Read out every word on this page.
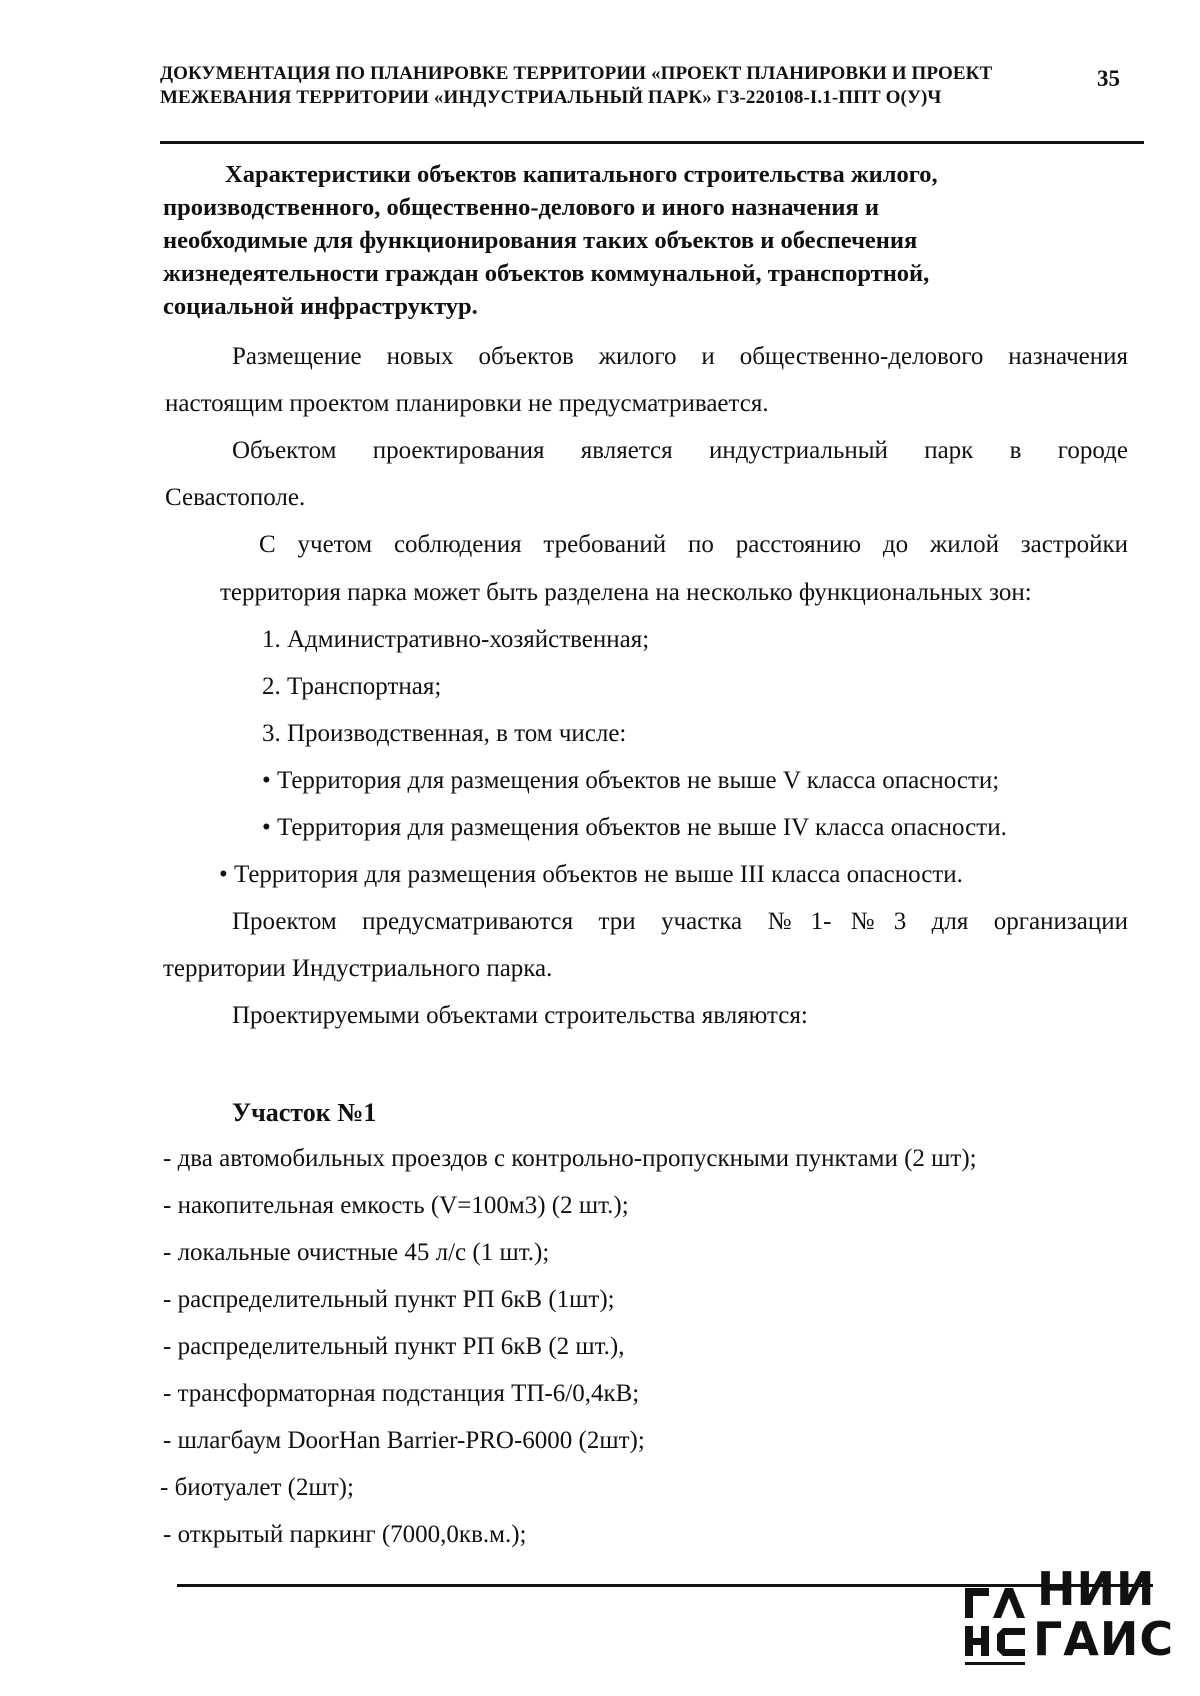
ДОКУМЕНТАЦИЯ ПО ПЛАНИРОВКЕ ТЕРРИТОРИИ «ПРОЕКТ ПЛАНИРОВКИ И ПРОЕКТ
МЕЖЕВАНИЯ ТЕРРИТОРИИ «ИНДУСТРИАЛЬНЫЙ ПАРК» ГЗ-220108-I.1-ППТ О(У)Ч
35
Характеристики объектов капитального строительства жилого,
производственного, общественно-делового и иного назначения и
необходимые для функционирования таких объектов и обеспечения
жизнедеятельности граждан объектов коммунальной, транспортной,
социальной инфраструктур.
Размещение новых объектов жилого и общественно-делового назначения
настоящим проектом планировки не предусматривается.
Объектом проектирования является индустриальный парк в городе
Севастополе.
С учетом соблюдения требований по расстоянию до жилой застройки
территория парка может быть разделена на несколько функциональных зон:
1. Административно-хозяйственная;
2. Транспортная;
3. Производственная, в том числе:
• Территория для размещения объектов не выше V класса опасности;
• Территория для размещения объектов не выше IV класса опасности.
• Территория для размещения объектов не выше III класса опасности.
Проектом предусматриваются три участка №1-№3 для организации
территории Индустриального парка.
Проектируемыми объектами строительства являются:
Участок №1
- два автомобильных проездов с контрольно-пропускными пунктами (2 шт);
- накопительная емкость (V=100м3) (2 шт.);
- локальные очистные 45 л/с (1 шт.);
- распределительный пункт РП 6кВ (1шт);
- распределительный пункт РП 6кВ (2 шт.),
- трансформаторная подстанция ТП-6/0,4кВ;
- шлагбаум DoorHan Barrier-PRO-6000 (2шт);
- биотуалет (2шт);
- открытый паркинг (7000,0кв.м.);
НИИ
ГАИС
